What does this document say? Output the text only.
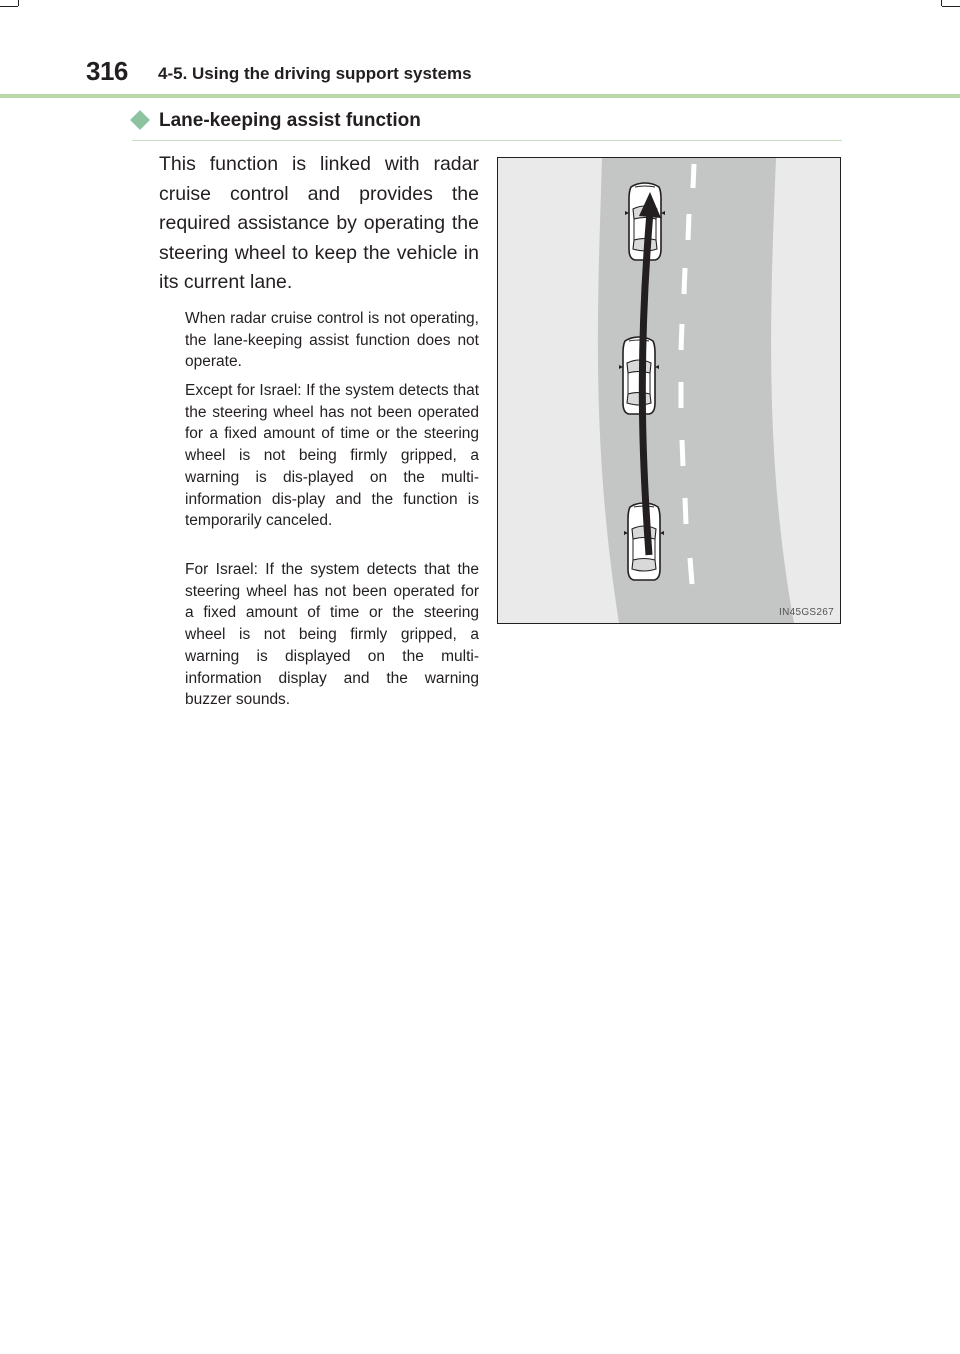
316 4-5. Using the driving support systems
Lane-keeping assist function
This function is linked with radar cruise control and provides the required assistance by operating the steering wheel to keep the vehicle in its current lane.
When radar cruise control is not operating, the lane-keeping assist function does not operate.
Except for Israel: If the system detects that the steering wheel has not been operated for a fixed amount of time or the steering wheel is not being firmly gripped, a warning is dis-played on the multi-information dis-play and the function is temporarily canceled.
For Israel: If the system detects that the steering wheel has not been operated for a fixed amount of time or the steering wheel is not being firmly gripped, a warning is displayed on the multi-information display and the warning buzzer sounds.
IN45GS267
